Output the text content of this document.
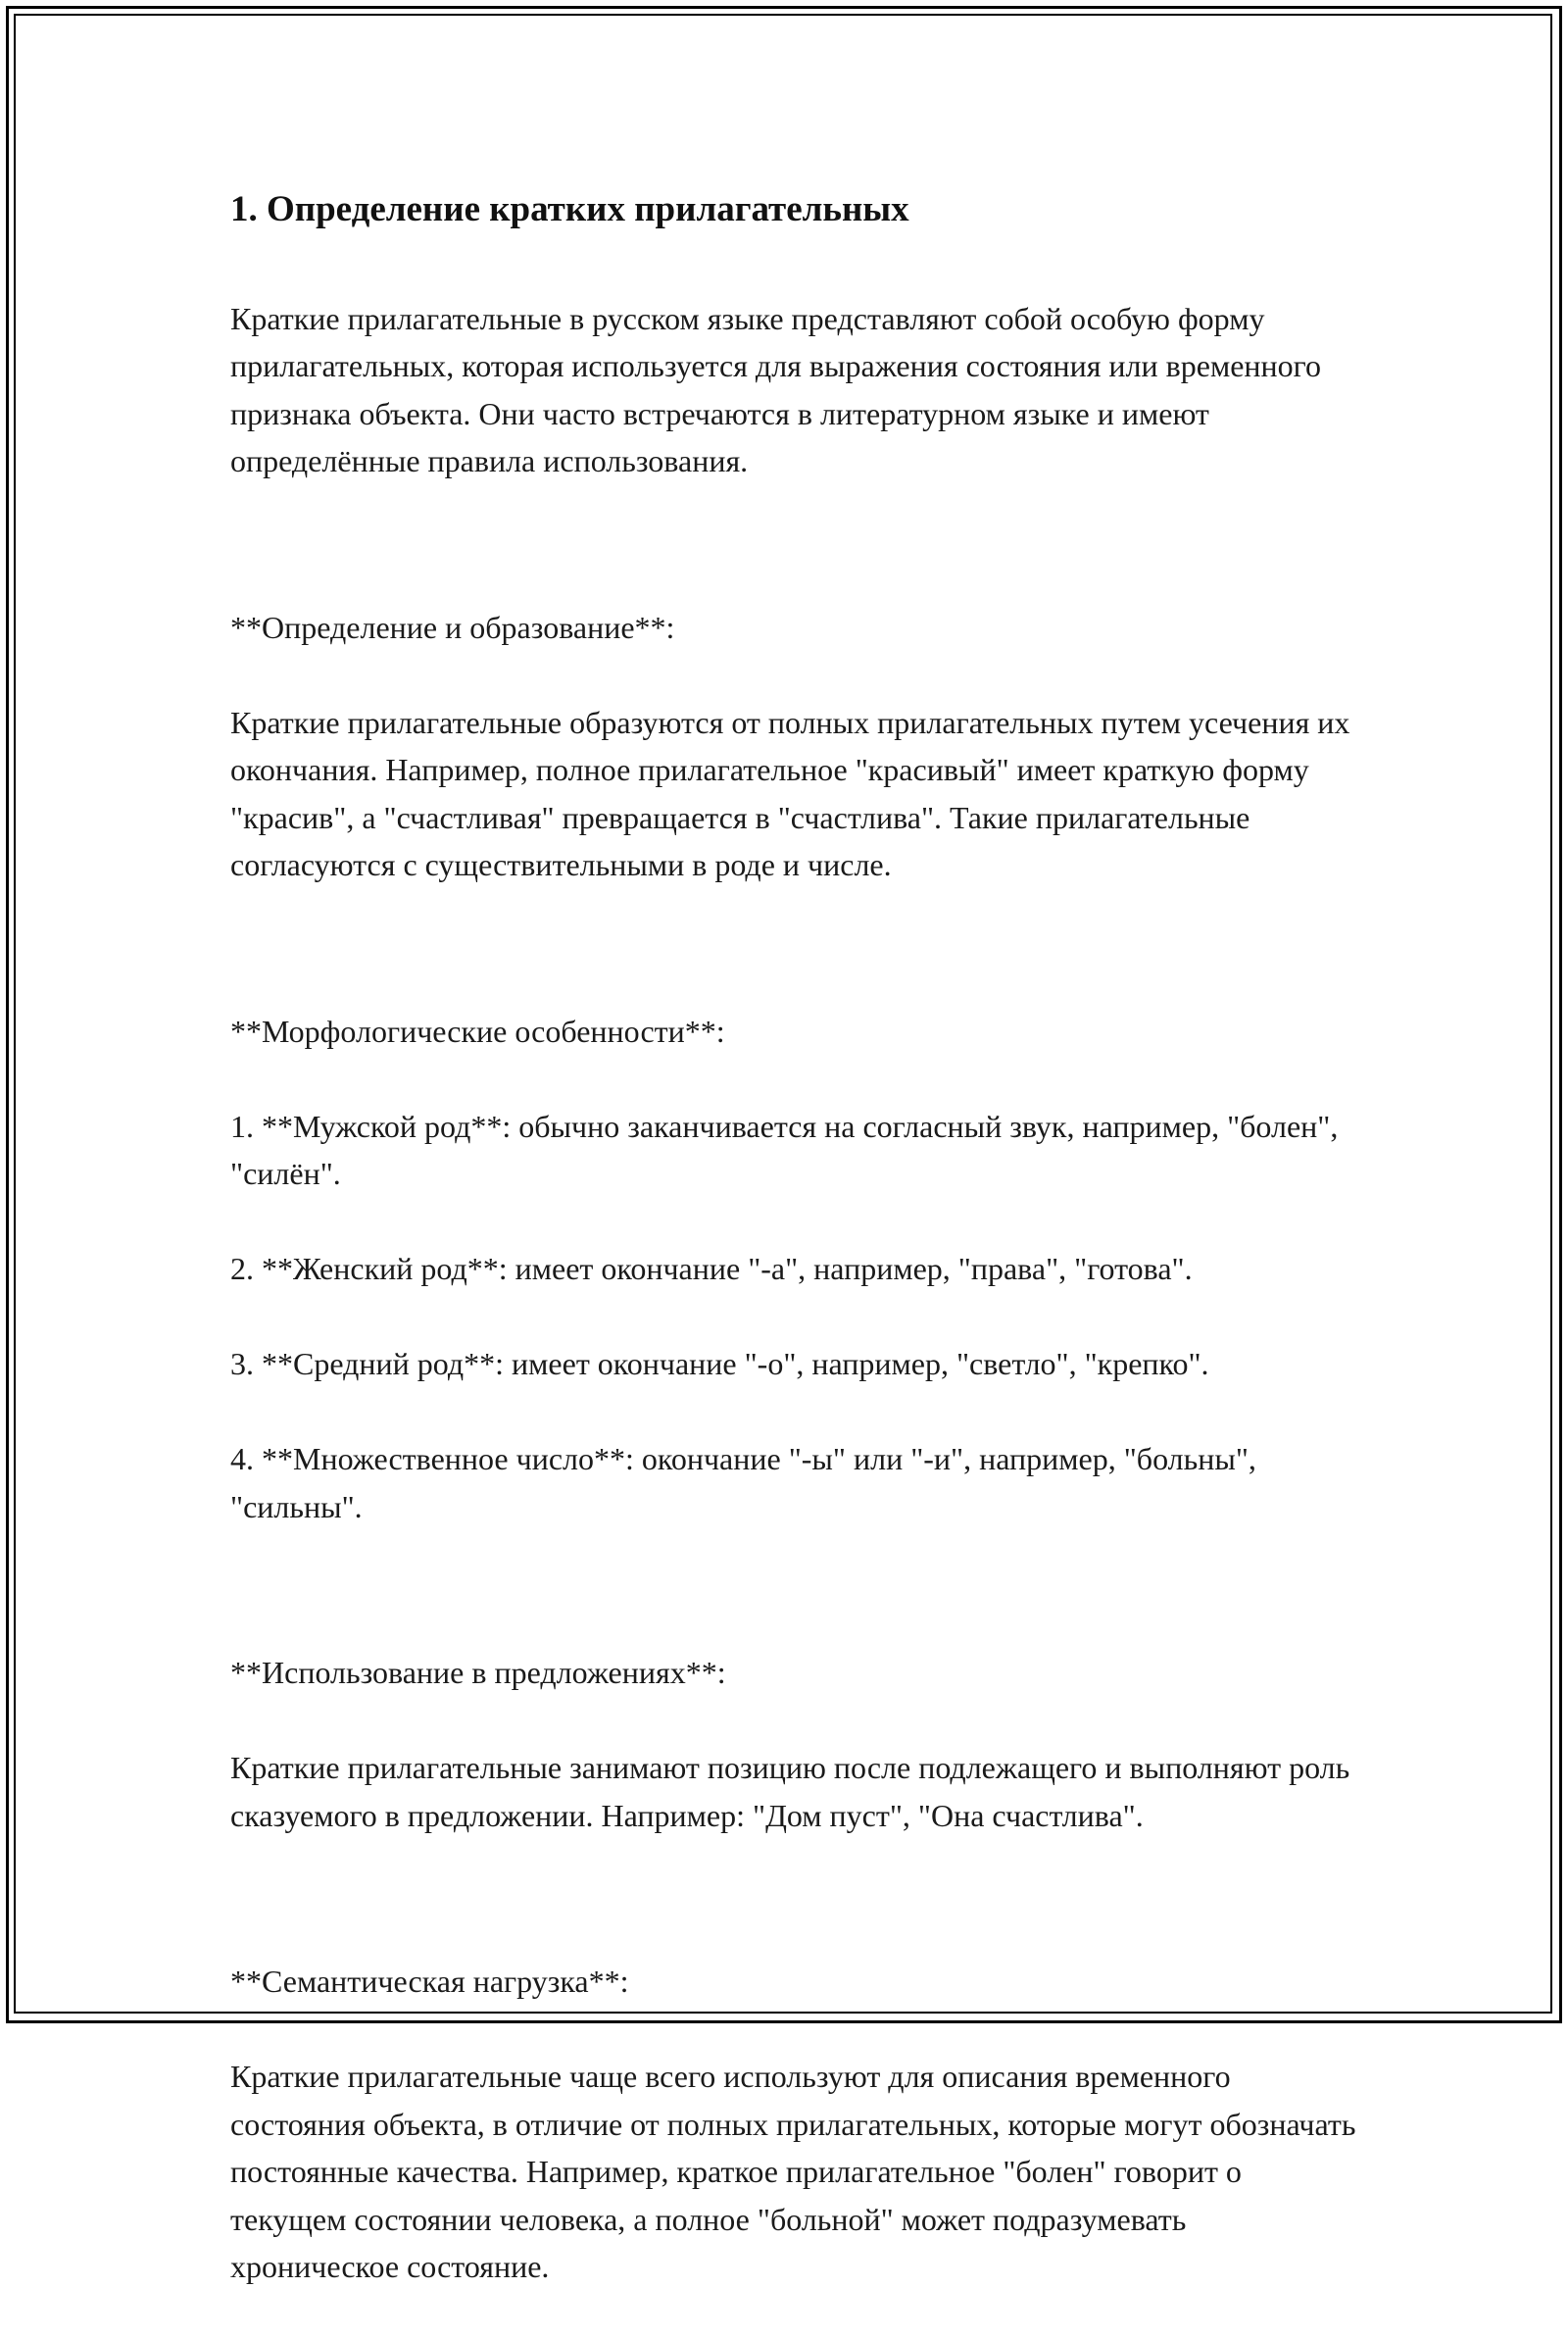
1. Определение кратких прилагательных

Краткие прилагательные в русском языке представляют собой особую форму прилагательных, которая используется для выражения состояния или временного признака объекта. Они часто встречаются в литературном языке и имеют определённые правила использования.

**Определение и образование**:

Краткие прилагательные образуются от полных прилагательных путем усечения их окончания. Например, полное прилагательное "красивый" имеет краткую форму "красив", а "счастливая" превращается в "счастлива". Такие прилагательные согласуются с существительными в роде и числе.

**Морфологические особенности**:

1. **Мужской род**: обычно заканчивается на согласный звук, например, "болен", "силён".

2. **Женский род**: имеет окончание "-а", например, "права", "готова".

3. **Средний род**: имеет окончание "-о", например, "светло", "крепко".

4. **Множественное число**: окончание "-ы" или "-и", например, "больны", "сильны".

**Использование в предложениях**:

Краткие прилагательные занимают позицию после подлежащего и выполняют роль сказуемого в предложении. Например: "Дом пуст", "Она счастлива".

**Семантическая нагрузка**:

Краткие прилагательные чаще всего используют для описания временного состояния объекта, в отличие от полных прилагательных, которые могут обозначать постоянные качества. Например, краткое прилагательное "болен" говорит о текущем состоянии человека, а полное "больной" может подразумевать хроническое состояние.
